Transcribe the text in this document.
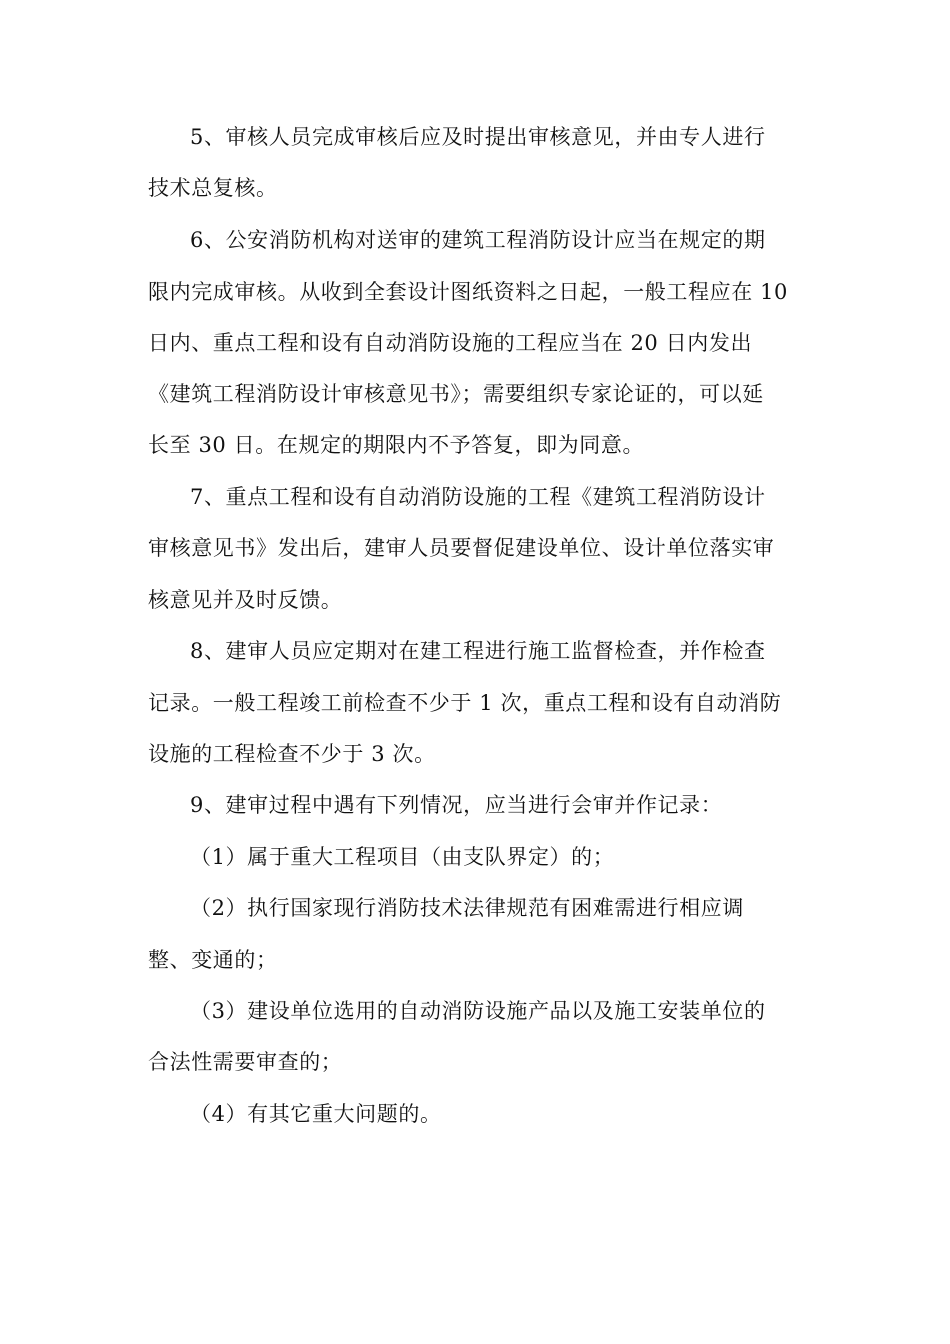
5、审核人员完成审核后应及时提出审核意见，并由专人进行
技术总复核。
6、公安消防机构对送审的建筑工程消防设计应当在规定的期
限内完成审核。从收到全套设计图纸资料之日起，一般工程应在 10
日内、重点工程和设有自动消防设施的工程应当在 20 日内发出
《建筑工程消防设计审核意见书》；需要组织专家论证的，可以延
长至 30 日。在规定的期限内不予答复，即为同意。
7、重点工程和设有自动消防设施的工程《建筑工程消防设计
审核意见书》发出后，建审人员要督促建设单位、设计单位落实审
核意见并及时反馈。
8、建审人员应定期对在建工程进行施工监督检查，并作检查
记录。一般工程竣工前检查不少于 1 次，重点工程和设有自动消防
设施的工程检查不少于 3 次。
9、建审过程中遇有下列情况，应当进行会审并作记录：
（1）属于重大工程项目（由支队界定）的；
（2）执行国家现行消防技术法律规范有困难需进行相应调
整、变通的；
（3）建设单位选用的自动消防设施产品以及施工安装单位的
合法性需要审查的；
（4）有其它重大问题的。
